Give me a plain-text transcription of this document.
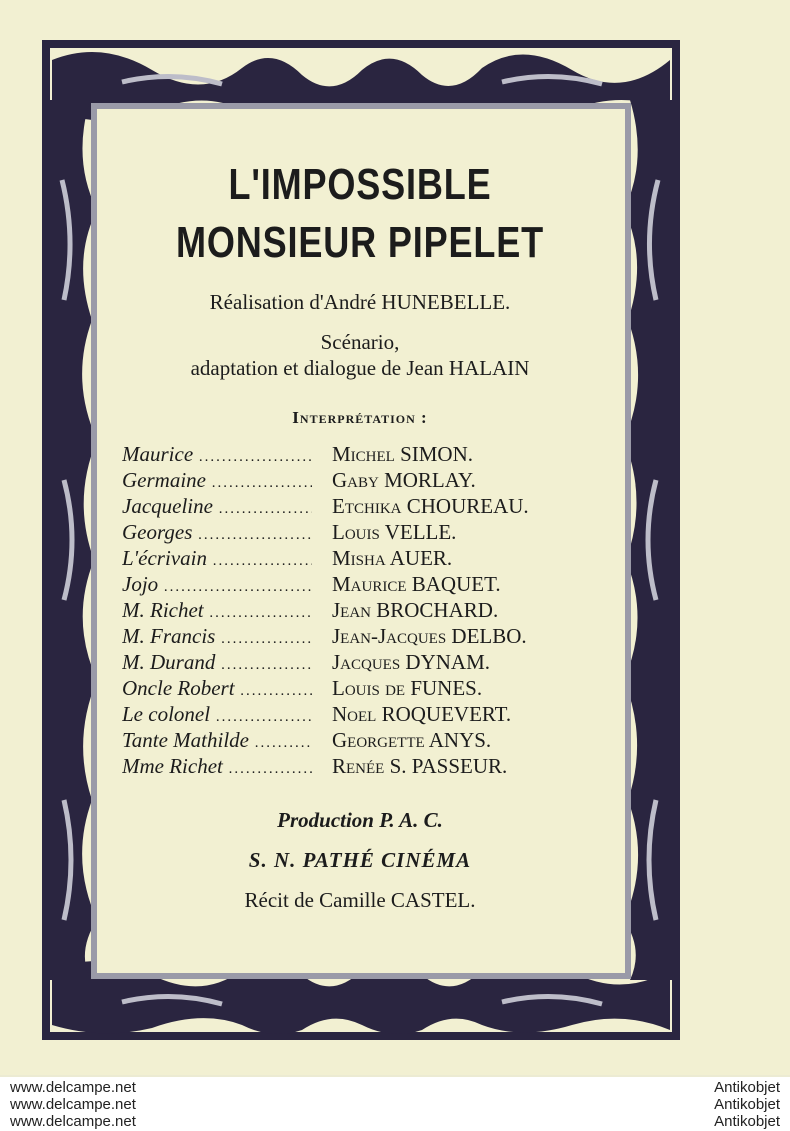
L'IMPOSSIBLE
MONSIEUR PIPELET
Réalisation d'André HUNEBELLE.
Scénario,
adaptation et dialogue de Jean HALAIN
Interprétation :
Maurice .....	Michel SIMON.
Germaine .....	Gaby MORLAY.
Jacqueline .....	Etchika CHOUREAU.
Georges .....	Louis VELLE.
L'écrivain .....	Misha AUER.
Jojo .....	Maurice BAQUET.
M. Richet .....	Jean BROCHARD.
M. Francis .....	Jean-Jacques DELBO.
M. Durand .....	Jacques DYNAM.
Oncle Robert .....	Louis de FUNES.
Le colonel .....	Noel ROQUEVERT.
Tante Mathilde .....	Georgette ANYS.
Mme Richet .....	Renée S. PASSEUR.
Production P. A. C.
S. N. PATHÉ CINÉMA
Récit de Camille CASTEL.
www.delcampe.net
www.delcampe.net
www.delcampe.net
Antikobjet
Antikobjet
Antikobjet
